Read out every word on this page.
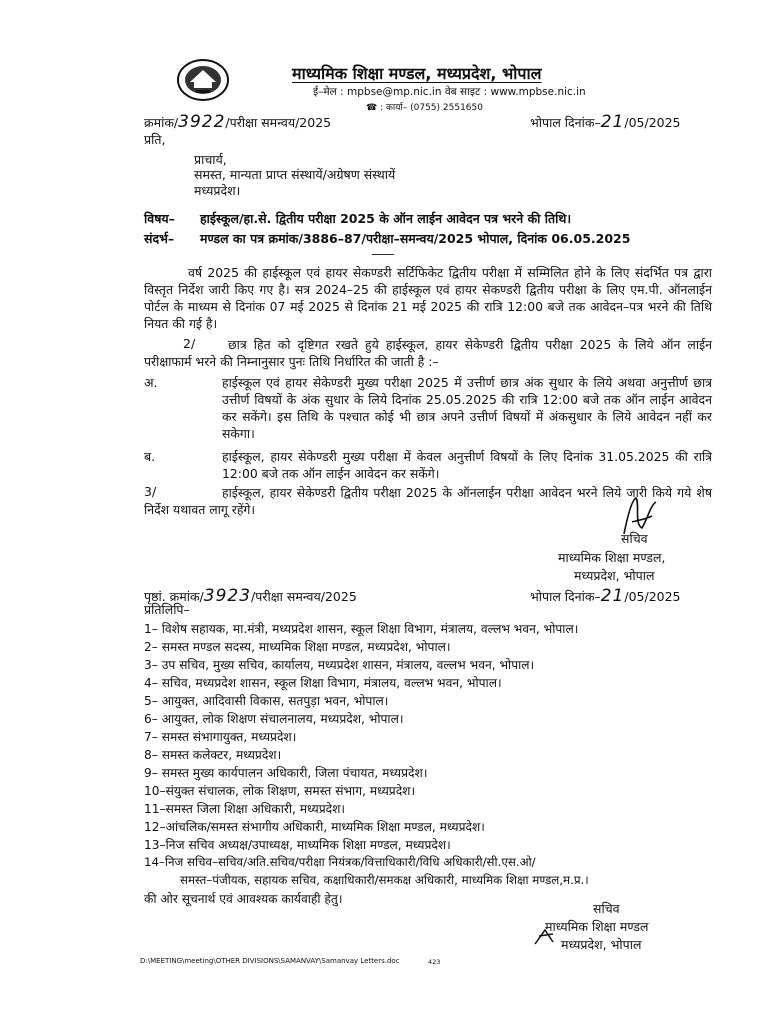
माध्यमिक शिक्षा मण्डल, मध्यप्रदेश, भोपाल
ई–मेल : mpbse@mp.nic.in वेब साइट : www.mpbse.nic.in
☎ : कार्या– (0755) 2551650
क्रमांक/3922/परीक्षा समन्वय/2025	भोपाल दिनांक–21/05/2025
प्रति,
प्राचार्य,
समस्त, मान्यता प्राप्त संस्थायें/अग्रेषण संस्थायें
मध्यप्रदेश।
विषय– हाईस्कूल/हा.से. द्वितीय परीक्षा 2025 के ऑन लाईन आवेदन पत्र भरने की तिथि।
संदर्भ– मण्डल का पत्र क्रमांक/3886–87/परीक्षा–समन्वय/2025 भोपाल, दिनांक 06.05.2025
वर्ष 2025 की हाईस्कूल एवं हायर सेकण्डरी सर्टिफिकेट द्वितीय परीक्षा में सम्मिलित होने के लिए संदर्भित पत्र द्वारा विस्तृत निर्देश जारी किए गए है। सत्र 2024–25 की हाईस्कूल एवं हायर सेकण्डरी द्वितीय परीक्षा के लिए एम.पी. ऑनलाईन पोर्टल के माध्यम से दिनांक 07 मई 2025 से दिनांक 21 मई 2025 की रात्रि 12:00 बजे तक आवेदन–पत्र भरने की तिथि नियत की गई है।
2/	छात्र हित को दृष्टिगत रखते हुये हाईस्कूल, हायर सेकेण्डरी द्वितीय परीक्षा 2025 के लिये ऑन लाईन परीक्षाफार्म भरने की निम्नानुसार पुनः तिथि निर्धारित की जाती है :–
अ.	हाईस्कूल एवं हायर सेकेण्डरी मुख्य परीक्षा 2025 में उत्तीर्ण छात्र अंक सुधार के लिये अथवा अनुत्तीर्ण छात्र उत्तीर्ण विषयों के अंक सुधार के लिये दिनांक 25.05.2025 की रात्रि 12:00 बजे तक ऑन लाईन आवेदन कर सकेंगे। इस तिथि के पश्चात कोई भी छात्र अपने उत्तीर्ण विषयों में अंकसुधार के लिये आवेदन नहीं कर सकेगा।
ब.	हाईस्कूल, हायर सेकेण्डरी मुख्य परीक्षा में केवल अनुत्तीर्ण विषयों के लिए दिनांक 31.05.2025 की रात्रि 12:00 बजे तक ऑन लाईन आवेदन कर सकेंगे।
3/	हाईस्कूल, हायर सेकेण्डरी द्वितीय परीक्षा 2025 के ऑनलाईन परीक्षा आवेदन भरने लिये जारी किये गये शेष निर्देश यथावत लागू रहेंगे।
सचिव
माध्यमिक शिक्षा मण्डल,
मध्यप्रदेश, भोपाल
पृष्ठां. क्रमांक/3923/परीक्षा समन्वय/2025	भोपाल दिनांक–21/05/2025
प्रतिलिपि–
1– विशेष सहायक, मा.मंत्री, मध्यप्रदेश शासन, स्कूल शिक्षा विभाग, मंत्रालय, वल्लभ भवन, भोपाल।
2– समस्त मण्डल सदस्य, माध्यमिक शिक्षा मण्डल, मध्यप्रदेश, भोपाल।
3– उप सचिव, मुख्य सचिव, कार्यालय, मध्यप्रदेश शासन, मंत्रालय, वल्लभ भवन, भोपाल।
4– सचिव, मध्यप्रदेश शासन, स्कूल शिक्षा विभाग, मंत्रालय, वल्लभ भवन, भोपाल।
5– आयुक्त, आदिवासी विकास, सतपुड़ा भवन, भोपाल।
6– आयुक्त, लोक शिक्षण संचालनालय, मध्यप्रदेश, भोपाल।
7– समस्त संभागायुक्त, मध्यप्रदेश।
8– समस्त कलेक्टर, मध्यप्रदेश।
9– समस्त मुख्य कार्यपालन अधिकारी, जिला पंचायत, मध्यप्रदेश।
10–संयुक्त संचालक, लोक शिक्षण, समस्त संभाग, मध्यप्रदेश।
11–समस्त जिला शिक्षा अधिकारी, मध्यप्रदेश।
12–आंचलिक/समस्त संभागीय अधिकारी, माध्यमिक शिक्षा मण्डल, मध्यप्रदेश।
13–निज सचिव अध्यक्ष/उपाध्यक्ष, माध्यमिक शिक्षा मण्डल, मध्यप्रदेश।
14–निज सचिव–सचिव/अति.सचिव/परीक्षा नियंत्रक/वित्ताधिकारी/विधि अधिकारी/सी.एस.ओ/
समस्त–पंजीयक, सहायक सचिव, कक्षाधिकारी/समकक्ष अधिकारी, माध्यमिक शिक्षा मण्डल,म.प्र.।
की ओर सूचनार्थ एवं आवश्यक कार्यवाही हेतु।
सचिव
माध्यमिक शिक्षा मण्डल
मध्यप्रदेश, भोपाल
D:\MEETING\meeting\OTHER DIVISIONS\SAMANVAY\Samanvay Letters.doc	423
